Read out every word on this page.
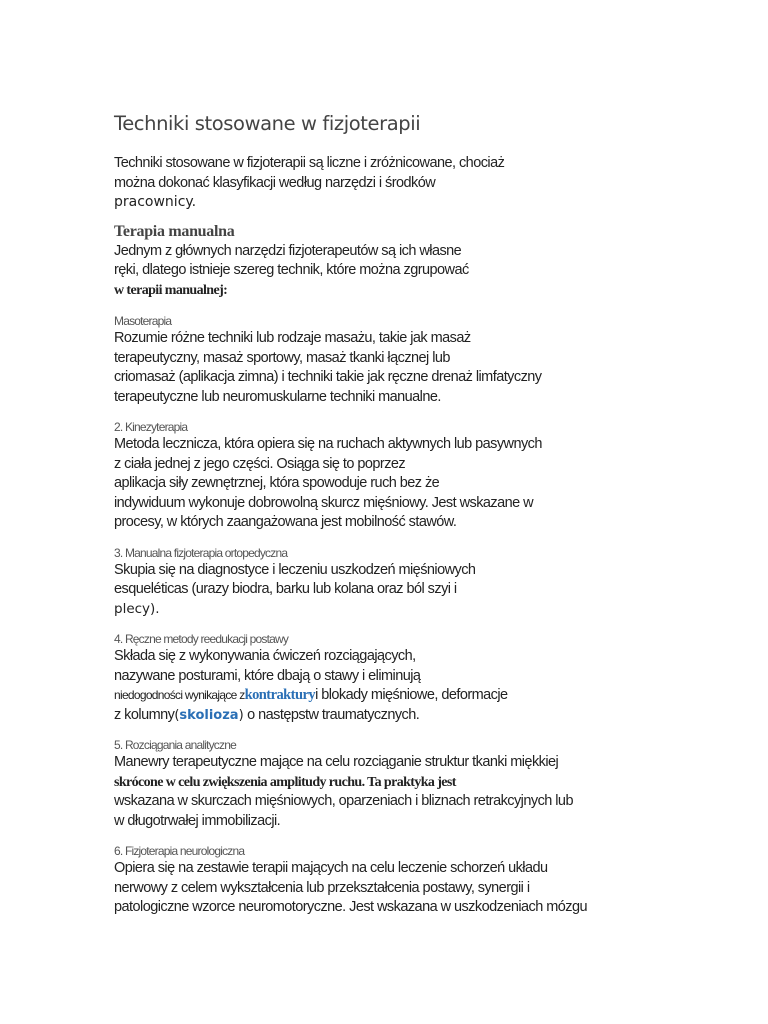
Techniki stosowane w fizjoterapii
Techniki stosowane w fizjoterapii są liczne i zróżnicowane, chociaż
można dokonać klasyfikacji według narzędzi i środków
pracownicy.
Terapia manualna
Jednym z głównych narzędzi fizjoterapeutów są ich własne
ręki, dlatego istnieje szereg technik, które można zgrupować
w terapii manualnej:
Masoterapia
Rozumie różne techniki lub rodzaje masażu, takie jak masaż
terapeutyczny, masaż sportowy, masaż tkanki łącznej lub
criomasaż (aplikacja zimna) i techniki takie jak ręczne drenaż limfatyczny
terapeutyczne lub neuromuskularne techniki manualne.
2. Kinezyterapia
Metoda lecznicza, która opiera się na ruchach aktywnych lub pasywnych
z ciała jednej z jego części. Osiąga się to poprzez
aplikacja siły zewnętrznej, która spowoduje ruch bez że
indywiduum wykonuje dobrowolną skurcz mięśniowy. Jest wskazane w
procesy, w których zaangażowana jest mobilność stawów.
3. Manualna fizjoterapia ortopedyczna
Skupia się na diagnostyce i leczeniu uszkodzeń mięśniowych
esqueléticas (urazy biodra, barku lub kolana oraz ból szyi i
plecy).
4. Ręczne metody reedukacji postawy
Składa się z wykonywania ćwiczeń rozciągających,
nazywane posturami, które dbają o stawy i eliminują
niedogodności wynikające zkontrakturyi blokady mięśniowe, deformacje
z kolumny(skolioza) o następstw traumatycznych.
5. Rozciągania analityczne
Manewry terapeutyczne mające na celu rozciąganie struktur tkanki miękkiej
skrócone w celu zwiększenia amplitudy ruchu. Ta praktyka jest
wskazana w skurczach mięśniowych, oparzeniach i bliznach retrakcyjnych lub
w długotrwałej immobilizacji.
6. Fizjoterapia neurologiczna
Opiera się na zestawie terapii mających na celu leczenie schorzeń układu
nerwowy z celem wykształcenia lub przekształcenia postawy, synergii i
patologiczne wzorce neuromotoryczne. Jest wskazana w uszkodzeniach mózgu
